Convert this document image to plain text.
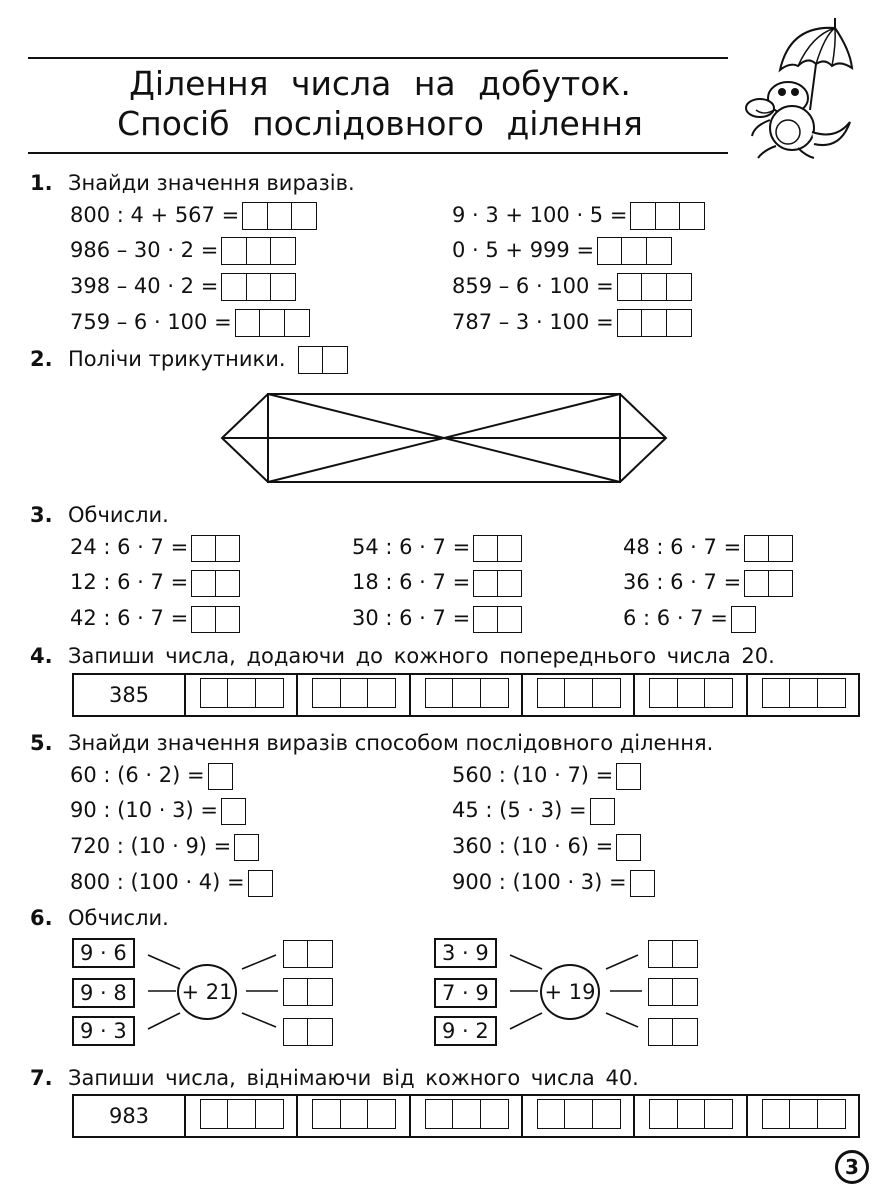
Ділення числа на добуток.
Спосіб послідовного ділення
1. Знайди значення виразів.
800 : 4 + 567 =
986 – 30 · 2 =
398 – 40 · 2 =
759 – 6 · 100 =
9 · 3 + 100 · 5 =
0 · 5 + 999 =
859 – 6 · 100 =
787 – 3 · 100 =
2. Полічи трикутники.
3. Обчисли.
24 : 6 · 7 =
12 : 6 · 7 =
42 : 6 · 7 =
54 : 6 · 7 =
18 : 6 · 7 =
30 : 6 · 7 =
48 : 6 · 7 =
36 : 6 · 7 =
6 : 6 · 7 =
4. Запиши числа, додаючи до кожного попереднього числа 20.
385	

5. Знайди значення виразів способом послідовного ділення.
60 : (6 · 2) =
90 : (10 · 3) =
720 : (10 · 9) =
800 : (100 · 4) =
560 : (10 · 7) =
45 : (5 · 3) =
360 : (10 · 6) =
900 : (100 · 3) =
6. Обчисли.
9 · 6
9 · 8
9 · 3
+ 21
3 · 9
7 · 9
9 · 2
+ 19
7. Запиши числа, віднімаючи від кожного числа 40.
983	

3
